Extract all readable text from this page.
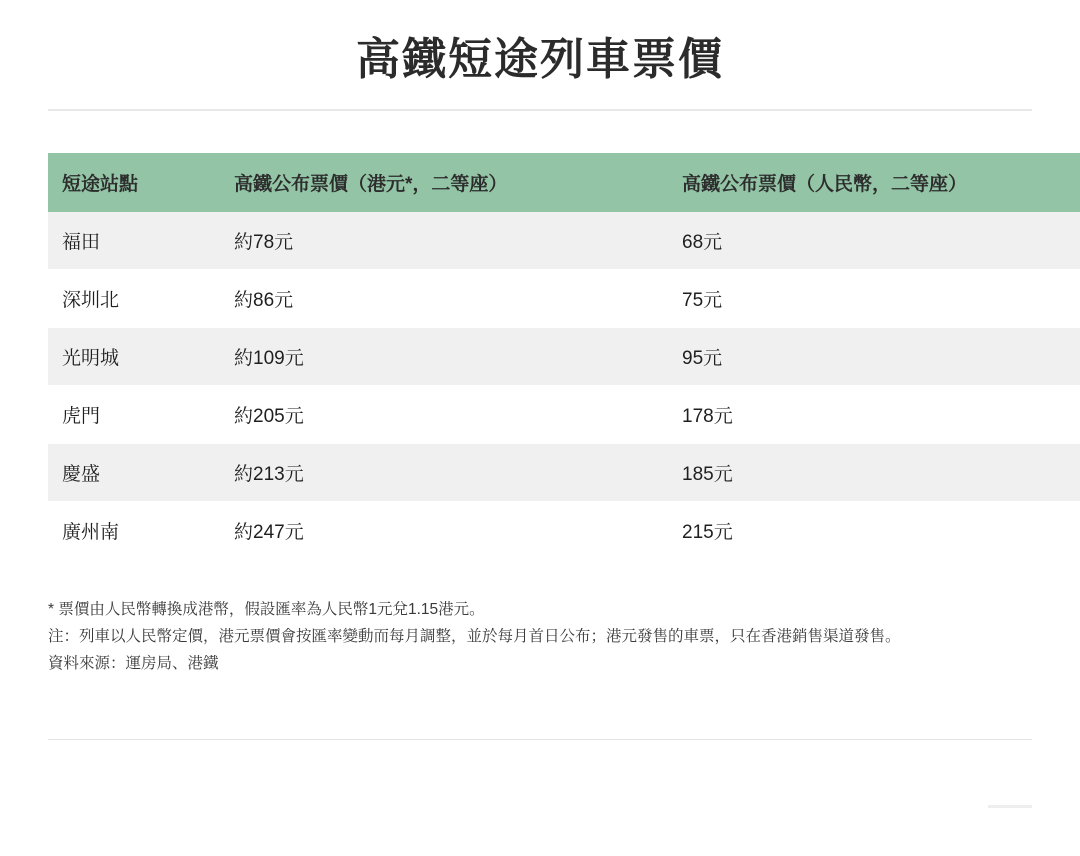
高鐵短途列車票價
短途站點	高鐵公布票價（港元*，二等座）	高鐵公布票價（人民幣，二等座）
福田	約78元	68元
深圳北	約86元	75元
光明城	約109元	95元
虎門	約205元	178元
慶盛	約213元	185元
廣州南	約247元	215元

* 票價由人民幣轉換成港幣，假設匯率為人民幣1元兌1.15港元。

注：列車以人民幣定價，港元票價會按匯率變動而每月調整，並於每月首日公布；港元發售的車票，只在香港銷售渠道發售。

資料來源：運房局、港鐵
